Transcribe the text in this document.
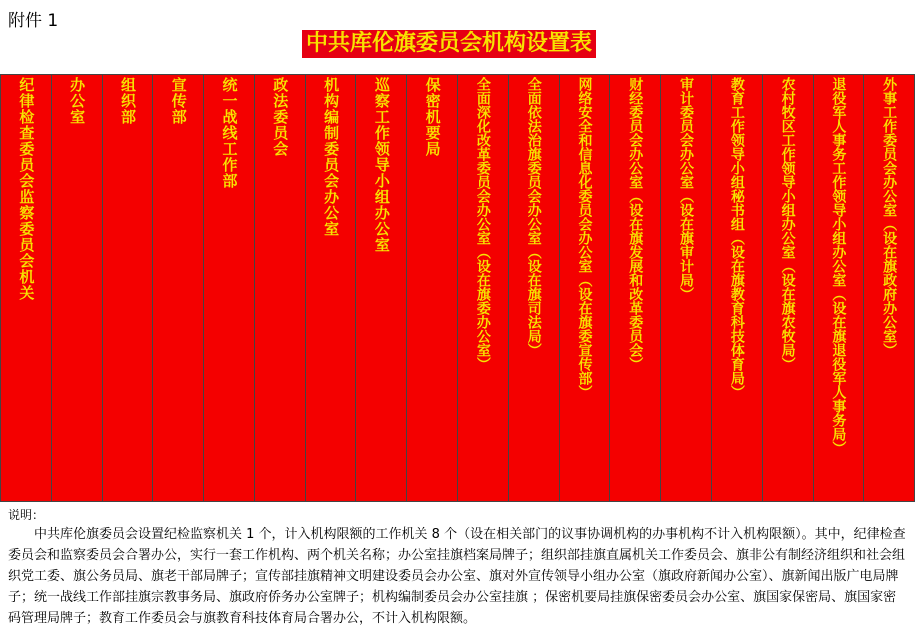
附件 1
中共库伦旗委员会机构设置表
纪律检查委员会监察委员会机关 办公室 组织部 宣传部 统一战线工作部 政法委员会 机构编制委员会办公室 巡察工作领导小组办公室 保密机要局 全面深化改革委员会办公室（设在旗委办公室） 全面依法治旗委员会办公室（设在旗司法局） 网络安全和信息化委员会办公室（设在旗委宣传部） 财经委员会办公室（设在旗发展和改革委员会） 审计委员会办公室（设在旗审计局） 教育工作领导小组秘书组（设在旗教育科技体育局） 农村牧区工作领导小组办公室（设在旗农牧局） 退役军人事务工作领导小组办公室（设在旗退役军人事务局） 外事工作委员会办公室（设在旗政府办公室）
说明：
中共库伦旗委员会设置纪检监察机关 1 个，计入机构限额的工作机关 8 个（设在相关部门的议事协调机构的办事机构不计入机构限额）。其中，纪律检查委员会和监察委员会合署办公，实行一套工作机构、两个机关名称；办公室挂旗档案局牌子；组织部挂旗直属机关工作委员会、旗非公有制经济组织和社会组织党工委、旗公务员局、旗老干部局牌子；宣传部挂旗精神文明建设委员会办公室、旗对外宣传领导小组办公室（旗政府新闻办公室）、旗新闻出版广电局牌子；统一战线工作部挂旗宗教事务局、旗政府侨务办公室牌子；机构编制委员会办公室挂旗 ；保密机要局挂旗保密委员会办公室、旗国家保密局、旗国家密码管理局牌子；教育工作委员会与旗教育科技体育局合署办公，不计入机构限额。
